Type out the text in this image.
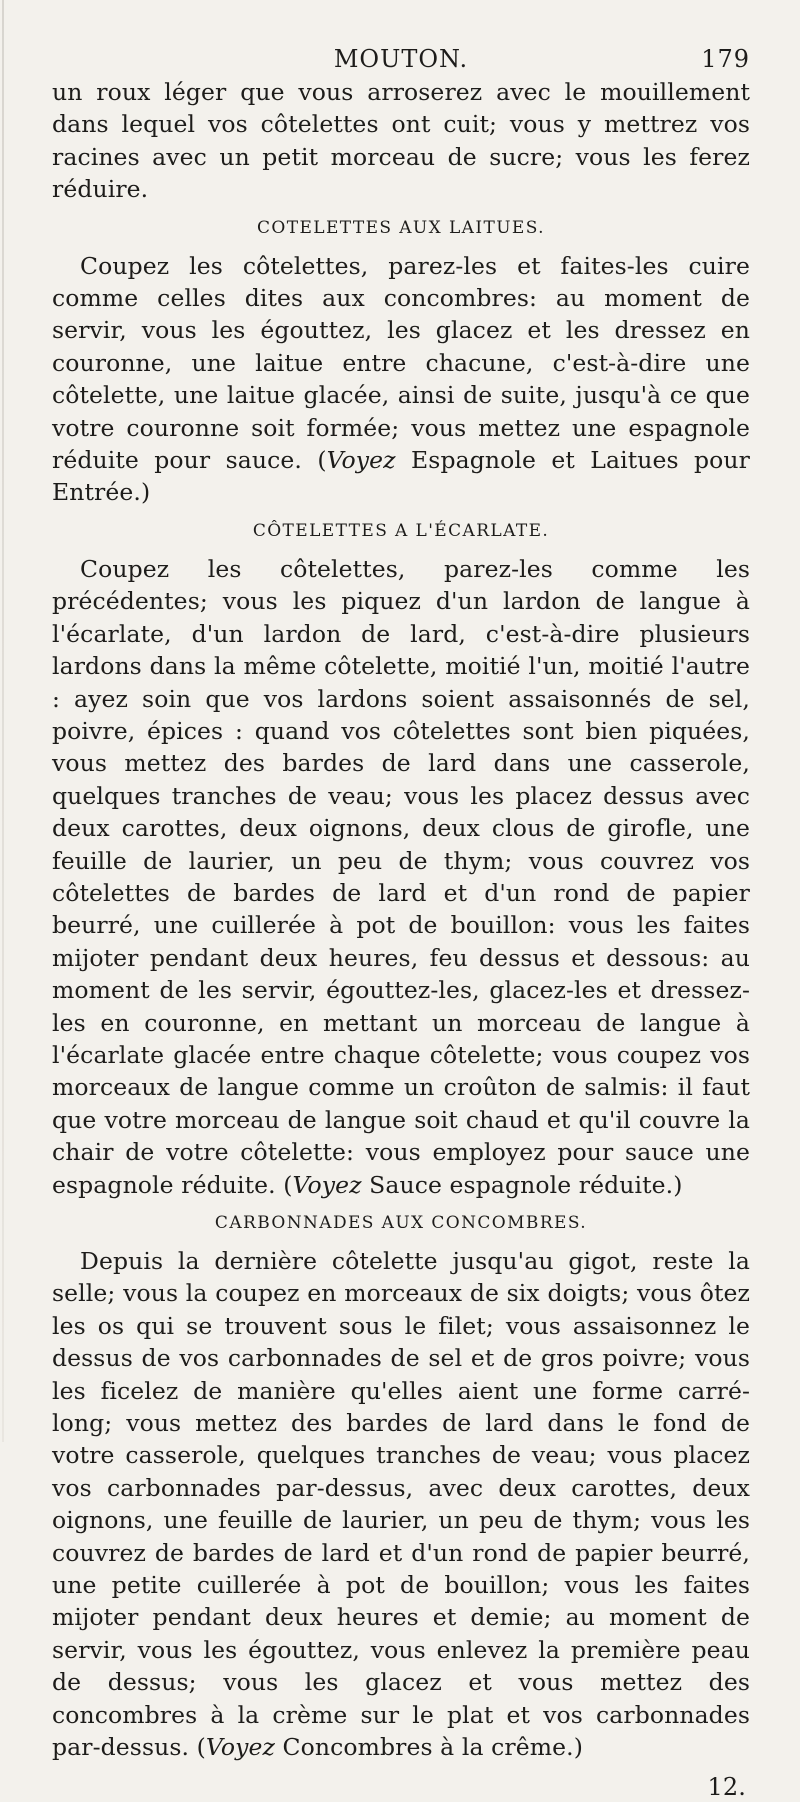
MOUTON.	179

un roux léger que vous arroserez avec le mouillement dans lequel vos côtelettes ont cuit; vous y mettrez vos racines avec un petit morceau de sucre; vous les ferez réduire.

COTELETTES AUX LAITUES.

Coupez les côtelettes, parez-les et faites-les cuire comme celles dites aux concombres: au moment de servir, vous les égouttez, les glacez et les dressez en couronne, une laitue entre chacune, c'est-à-dire une côtelette, une laitue glacée, ainsi de suite, jusqu'à ce que votre couronne soit formée; vous mettez une espagnole réduite pour sauce. (Voyez Espagnole et Laitues pour Entrée.)

CÔTELETTES A L'ÉCARLATE.

Coupez les côtelettes, parez-les comme les précédentes; vous les piquez d'un lardon de langue à l'écarlate, d'un lardon de lard, c'est-à-dire plusieurs lardons dans la même côtelette, moitié l'un, moitié l'autre : ayez soin que vos lardons soient assaisonnés de sel, poivre, épices : quand vos côtelettes sont bien piquées, vous mettez des bardes de lard dans une casserole, quelques tranches de veau; vous les placez dessus avec deux carottes, deux oignons, deux clous de girofle, une feuille de laurier, un peu de thym; vous couvrez vos côtelettes de bardes de lard et d'un rond de papier beurré, une cuillerée à pot de bouillon: vous les faites mijoter pendant deux heures, feu dessus et dessous: au moment de les servir, égouttez-les, glacez-les et dressez-les en couronne, en mettant un morceau de langue à l'écarlate glacée entre chaque côtelette; vous coupez vos morceaux de langue comme un croûton de salmis: il faut que votre morceau de langue soit chaud et qu'il couvre la chair de votre côtelette: vous employez pour sauce une espagnole réduite. (Voyez Sauce espagnole réduite.)

CARBONNADES AUX CONCOMBRES.

Depuis la dernière côtelette jusqu'au gigot, reste la selle; vous la coupez en morceaux de six doigts; vous ôtez les os qui se trouvent sous le filet; vous assaisonnez le dessus de vos carbonnades de sel et de gros poivre; vous les ficelez de manière qu'elles aient une forme carré-long; vous mettez des bardes de lard dans le fond de votre casserole, quelques tranches de veau; vous placez vos carbonnades par-dessus, avec deux carottes, deux oignons, une feuille de laurier, un peu de thym; vous les couvrez de bardes de lard et d'un rond de papier beurré, une petite cuillerée à pot de bouillon; vous les faites mijoter pendant deux heures et demie; au moment de servir, vous les égouttez, vous enlevez la première peau de dessus; vous les glacez et vous mettez des concombres à la crème sur le plat et vos carbonnades par-dessus. (Voyez Concombres à la crême.)

12.
